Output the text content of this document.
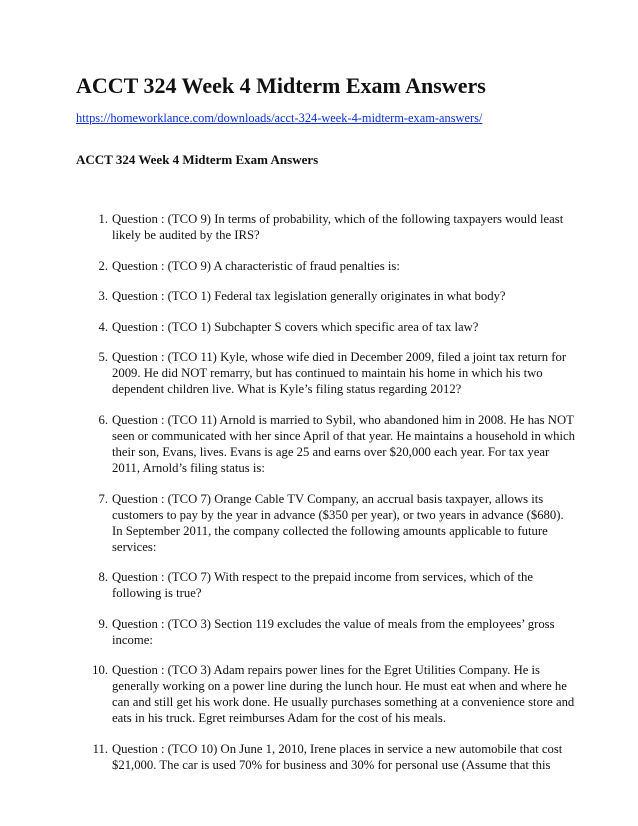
ACCT 324 Week 4 Midterm Exam Answers
https://homeworklance.com/downloads/acct-324-week-4-midterm-exam-answers/
ACCT 324 Week 4 Midterm Exam Answers
1. Question : (TCO 9) In terms of probability, which of the following taxpayers would least likely be audited by the IRS?
2. Question : (TCO 9) A characteristic of fraud penalties is:
3. Question : (TCO 1) Federal tax legislation generally originates in what body?
4. Question : (TCO 1) Subchapter S covers which specific area of tax law?
5. Question : (TCO 11) Kyle, whose wife died in December 2009, filed a joint tax return for 2009. He did NOT remarry, but has continued to maintain his home in which his two dependent children live. What is Kyle’s filing status regarding 2012?
6. Question : (TCO 11) Arnold is married to Sybil, who abandoned him in 2008. He has NOT seen or communicated with her since April of that year. He maintains a household in which their son, Evans, lives. Evans is age 25 and earns over $20,000 each year. For tax year 2011, Arnold’s filing status is:
7. Question : (TCO 7) Orange Cable TV Company, an accrual basis taxpayer, allows its customers to pay by the year in advance ($350 per year), or two years in advance ($680). In September 2011, the company collected the following amounts applicable to future services:
8. Question : (TCO 7) With respect to the prepaid income from services, which of the following is true?
9. Question : (TCO 3) Section 119 excludes the value of meals from the employees’ gross income:
10. Question : (TCO 3) Adam repairs power lines for the Egret Utilities Company. He is generally working on a power line during the lunch hour. He must eat when and where he can and still get his work done. He usually purchases something at a convenience store and eats in his truck. Egret reimburses Adam for the cost of his meals.
11. Question : (TCO 10) On June 1, 2010, Irene places in service a new automobile that cost $21,000. The car is used 70% for business and 30% for personal use (Assume that this
